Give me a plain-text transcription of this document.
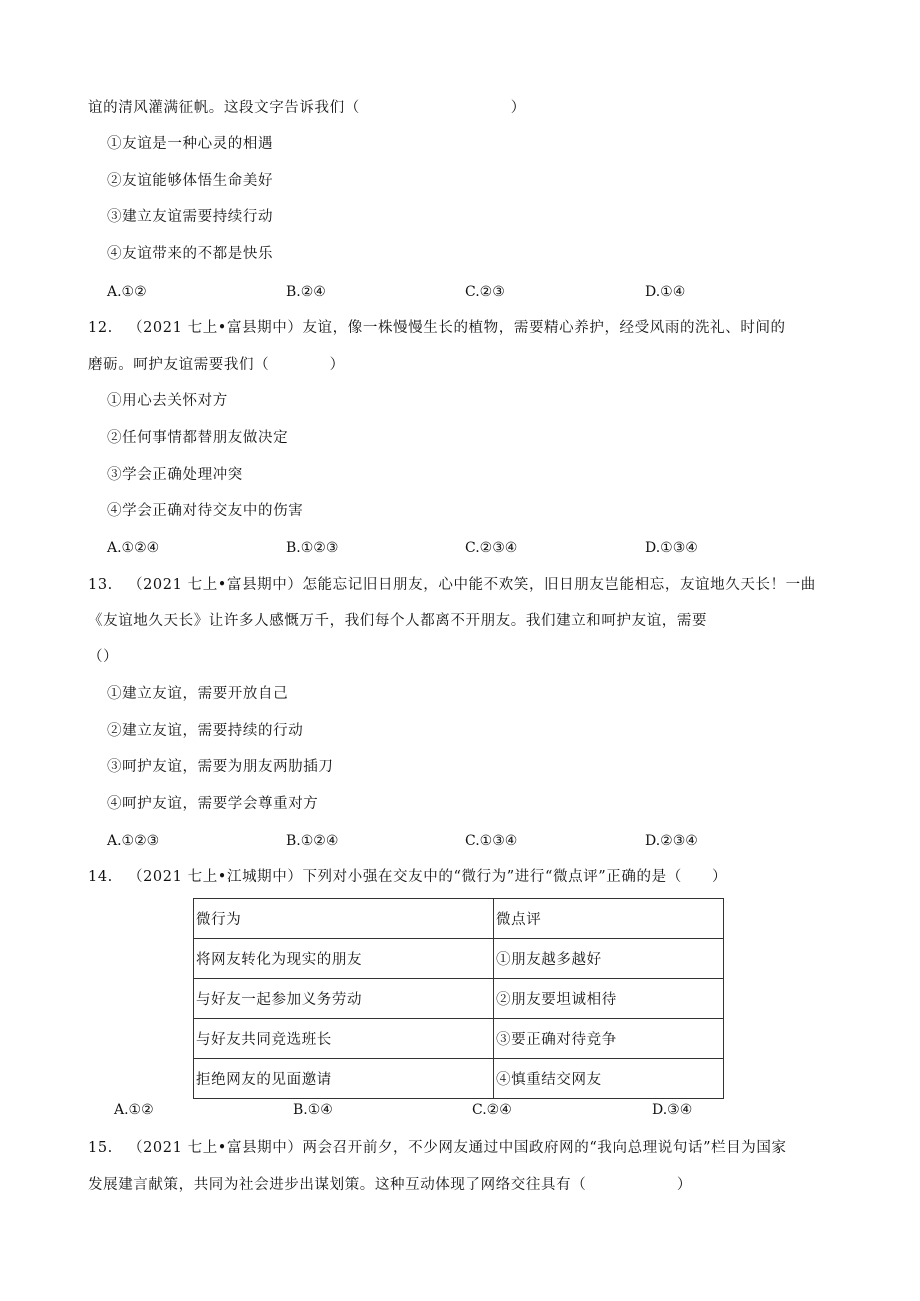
谊的清风灌满征帆。这段文字告诉我们（　　　　　　　　　　）
①友谊是一种心灵的相遇
②友谊能够体悟生命美好
③建立友谊需要持续行动
④友谊带来的不都是快乐
A.①②	B.②④	C.②③	D.①④
12. （2021 七上•富县期中）友谊，像一株慢慢生长的植物，需要精心养护，经受风雨的洗礼、时间的
磨砺。呵护友谊需要我们（　　　　）
①用心去关怀对方
②任何事情都替朋友做决定
③学会正确处理冲突
④学会正确对待交友中的伤害
A.①②④	B.①②③	C.②③④	D.①③④
13. （2021 七上•富县期中）怎能忘记旧日朋友，心中能不欢笑，旧日朋友岂能相忘，友谊地久天长！一曲
《友谊地久天长》让许多人感慨万千，我们每个人都离不开朋友。我们建立和呵护友谊，需要
（）
①建立友谊，需要开放自己
②建立友谊，需要持续的行动
③呵护友谊，需要为朋友两肋插刀
④呵护友谊，需要学会尊重对方
A.①②③	B.①②④	C.①③④	D.②③④
14. （2021 七上•江城期中）下列对小强在交友中的“微行为”进行“微点评”正确的是（　　）
微行为	微点评
将网友转化为现实的朋友	①朋友越多越好
与好友一起参加义务劳动	②朋友要坦诚相待
与好友共同竞选班长	③要正确对待竞争
拒绝网友的见面邀请	④慎重结交网友
A.①②	B.①④	C.②④	D.③④
15. （2021 七上•富县期中）两会召开前夕，不少网友通过中国政府网的“我向总理说句话”栏目为国家
发展建言献策，共同为社会进步出谋划策。这种互动体现了网络交往具有（　　　　　　）
